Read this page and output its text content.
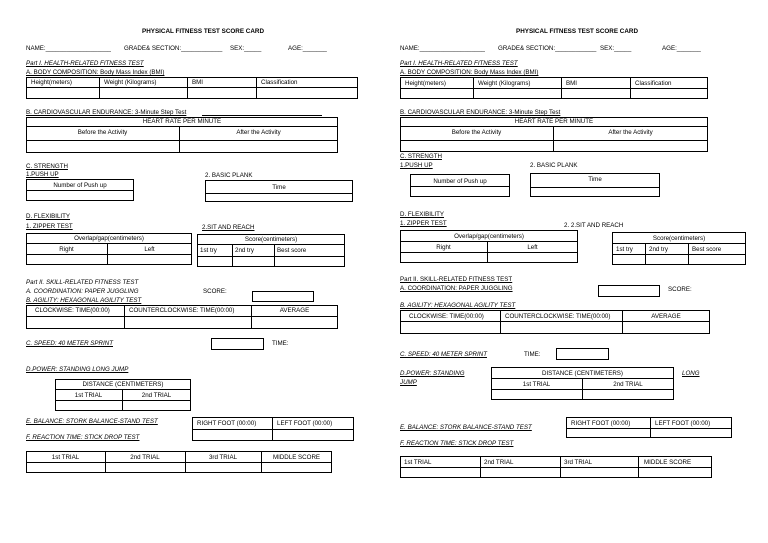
PHYSICAL FITNESS TEST SCORE CARD
NAME:___________________ GRADE& SECTION:____________ SEX:_____	AGE:_______
Part I. HEALTH-RELATED FITNESS TEST
A. BODY COMPOSITION: Body Mass Index (BMI)
Height(meters)	Weight (Kilograms)	BMI	Classification
B. CARDIOVASCULAR ENDURANCE: 3-Minute Step Test
HEART RATE PER MINUTE
Before the Activity	After the Activity
C. STRENGTH
1.PUSH UP	2. BASIC PLANK
Number of Push up	Time
D. FLEXIBILITY
1. ZIPPER TEST	2.SIT AND REACH
Overlap/gap(centimeters)
Right	Left
Score(centimeters)
1st try	2nd try	Best score
Part II. SKILL-RELATED FITNESS TEST
A. COORDINATION: PAPER JUGGLING	SCORE:
B. AGILITY: HEXAGONAL AGILITY TEST
CLOCKWISE: TIME(00:00)	COUNTERCLOCKWISE: TIME(00:00)	AVERAGE
C. SPEED: 40 METER SPRINT	TIME:
D.POWER: STANDING LONG JUMP
DISTANCE (CENTIMETERS)
1st TRIAL	2nd TRIAL
E. BALANCE: STORK BALANCE-STAND TEST	RIGHT FOOT (00:00)	LEFT FOOT (00:00)
F. REACTION TIME: STICK DROP TEST
1st TRIAL	2nd TRIAL	3rd TRIAL	MIDDLE SCORE
PHYSICAL FITNESS TEST SCORE CARD
NAME:___________________ GRADE& SECTION:____________ SEX:_____	AGE:_______
Part I. HEALTH-RELATED FITNESS TEST
A. BODY COMPOSITION: Body Mass Index (BMI)
Height(meters)	Weight (Kilograms)	BMI	Classification
B. CARDIOVASCULAR ENDURANCE: 3-Minute Step Test
HEART RATE PER MINUTE
Before the Activity	After the Activity
C. STRENGTH
1.PUSH UP	2. BASIC PLANK
Number of Push up	Time
D. FLEXIBILITY
1. ZIPPER TEST	2. 2.SIT AND REACH
Overlap/gap(centimeters)
Right	Left
Score(centimeters)
1st try	2nd try	Best score
Part II. SKILL-RELATED FITNESS TEST
A. COORDINATION: PAPER JUGGLING	SCORE:
B. AGILITY: HEXAGONAL AGILITY TEST
CLOCKWISE: TIME(00:00)	COUNTERCLOCKWISE: TIME(00:00)	AVERAGE
C. SPEED: 40 METER SPRINT	TIME:
D.POWER: STANDING
JUMP
LONG
DISTANCE (CENTIMETERS)
1st TRIAL	2nd TRIAL
E. BALANCE: STORK BALANCE-STAND TEST
RIGHT FOOT (00:00)	LEFT FOOT (00:00)
F. REACTION TIME: STICK DROP TEST
1st TRIAL	2nd TRIAL	3rd TRIAL	MIDDLE SCORE
